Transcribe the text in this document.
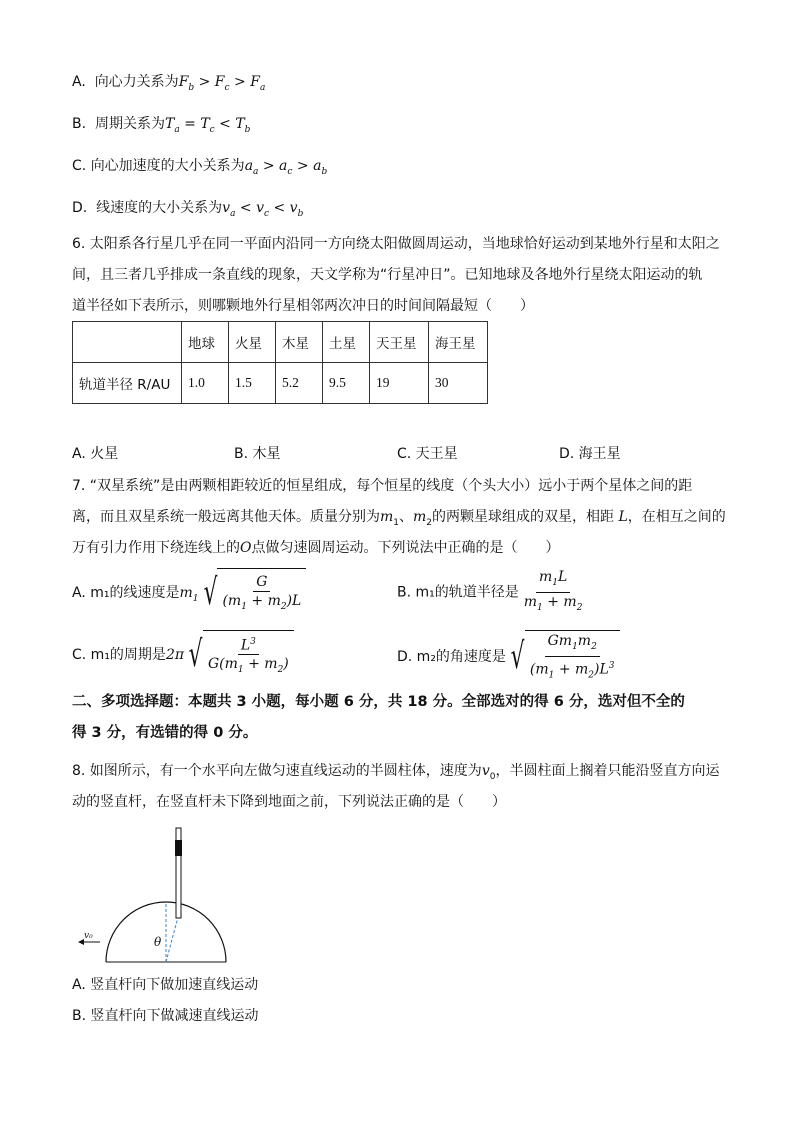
A. 向心力关系为$F_b > F_c > F_a$
B. 周期关系为$T_a = T_c < T_b$
C. 向心加速度的大小关系为$a_a > a_c > a_b$
D. 线速度的大小关系为$v_a < v_c < v_b$
6. 太阳系各行星几乎在同一平面内沿同一方向绕太阳做圆周运动，当地球恰好运动到某地外行星和太阳之
间，且三者几乎排成一条直线的现象，天文学称为“行星冲日”。已知地球及各地外行星绕太阳运动的轨
道半径如下表所示，则哪颗地外行星相邻两次冲日的时间间隔最短（　　）
	地球	火星	木星	土星	天王星	海王星
轨道半径 R/AU	1.0	1.5	5.2	9.5	19	30
A. 火星	B. 木星	C. 天王星	D. 海王星
7. “双星系统”是由两颗相距较近的恒星组成，每个恒星的线度（个头大小）远小于两个星体之间的距
离，而且双星系统一般远离其他天体。质量分别为$m_1$、$m_2$的两颗星球组成的双星，相距 L，在相互之间的
万有引力作用下绕连线上的O点做匀速圆周运动。下列说法中正确的是（　　）
A. m₁的线速度是$m_1$ √ $\frac{G}{(m_1 + m_2)L}$	B. m₁的轨道半径是 $\frac{m_1L}{m_1 + m_2}$
C. m₁的周期是2π √ $\frac{L^3}{G(m_1 + m_2)}$	D. m₂的角速度是 √ $\frac{Gm_1m_2}{(m_1 + m_2)L^3}$
二、多项选择题：本题共 3 小题，每小题 6 分，共 18 分。全部选对的得 6 分，选对但不全的
得 3 分，有选错的得 0 分。
8. 如图所示，有一个水平向左做匀速直线运动的半圆柱体，速度为$v_0$，半圆柱面上搁着只能沿竖直方向运
动的竖直杆，在竖直杆未下降到地面之前，下列说法正确的是（　　）
θ
v₀
A. 竖直杆向下做加速直线运动
B. 竖直杆向下做减速直线运动
